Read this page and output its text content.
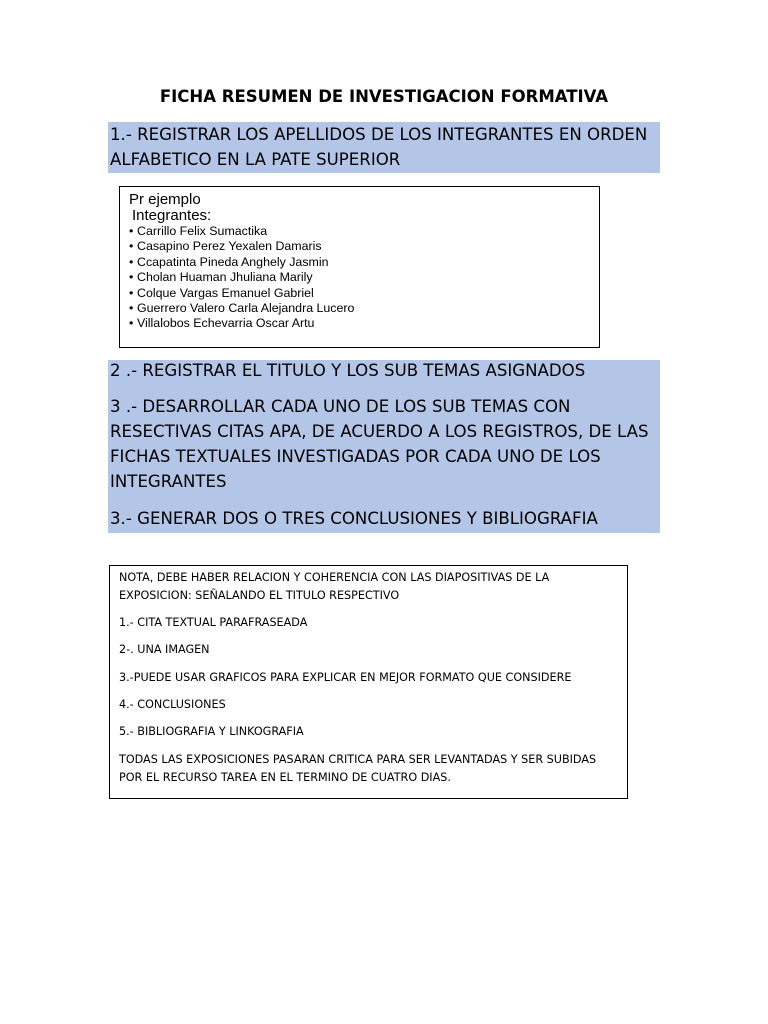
FICHA RESUMEN DE INVESTIGACION FORMATIVA

1.- REGISTRAR LOS APELLIDOS DE LOS INTEGRANTES EN ORDEN
ALFABETICO EN LA PATE SUPERIOR

Pr ejemplo

Integrantes:

• Carrillo Felix Sumactika
• Casapino Perez Yexalen Damaris
• Ccapatinta Pineda Anghely Jasmin
• Cholan Huaman Jhuliana Marily
• Colque Vargas Emanuel Gabriel
• Guerrero Valero Carla Alejandra Lucero
• Villalobos Echevarria Oscar Artu

2 .- REGISTRAR EL TITULO Y LOS SUB TEMAS ASIGNADOS

3 .- DESARROLLAR CADA UNO DE LOS SUB TEMAS CON
RESECTIVAS CITAS APA, DE ACUERDO A LOS REGISTROS, DE LAS
FICHAS TEXTUALES INVESTIGADAS POR CADA UNO DE LOS
INTEGRANTES

3.- GENERAR DOS O TRES CONCLUSIONES Y BIBLIOGRAFIA

NOTA, DEBE HABER RELACION Y COHERENCIA CON LAS DIAPOSITIVAS DE LA
EXPOSICION: SEÑALANDO EL TITULO RESPECTIVO

1.- CITA TEXTUAL PARAFRASEADA

2-. UNA IMAGEN

3.-PUEDE USAR GRAFICOS PARA EXPLICAR EN MEJOR FORMATO QUE CONSIDERE

4.- CONCLUSIONES

5.- BIBLIOGRAFIA Y LINKOGRAFIA

TODAS LAS EXPOSICIONES PASARAN CRITICA PARA SER LEVANTADAS Y SER SUBIDAS
POR EL RECURSO TAREA EN EL TERMINO DE CUATRO DIAS.
